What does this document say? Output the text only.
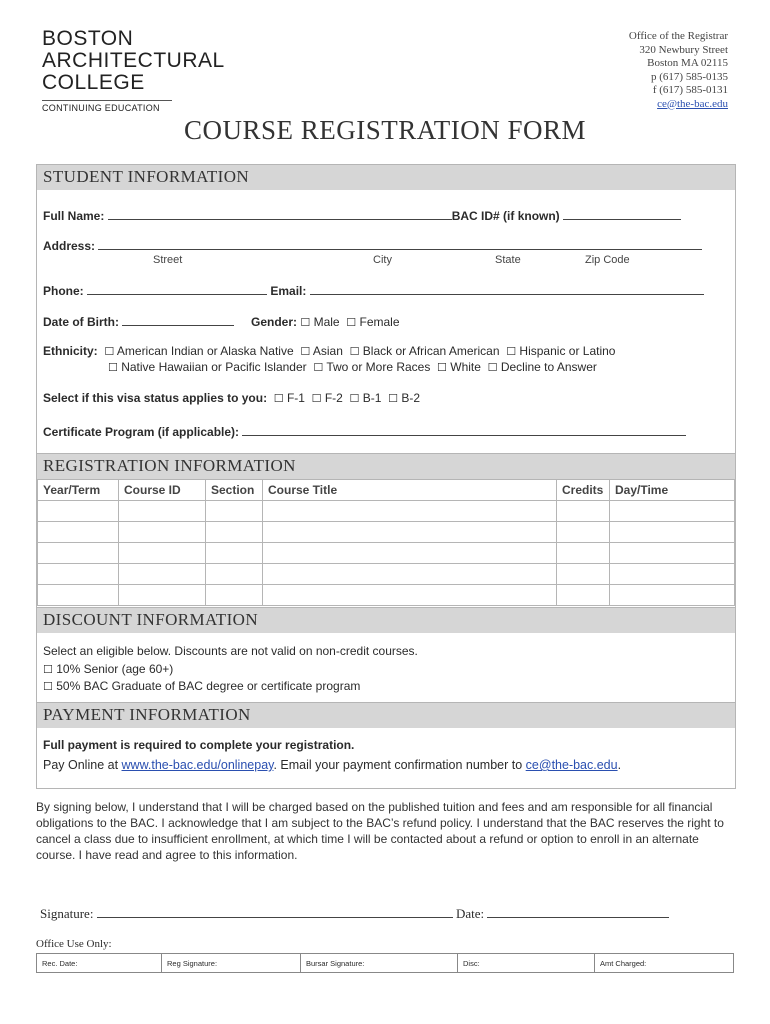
BOSTON
ARCHITECTURAL
COLLEGE
CONTINUING EDUCATION
Office of the Registrar
320 Newbury Street
Boston MA 02115
p (617) 585-0135
f (617) 585-0131
ce@the-bac.edu
COURSE REGISTRATION FORM
STUDENT INFORMATION
Full Name:	BAC ID# (if known)
Address:
Street	City	State	Zip Code
Phone:	Email:
Date of Birth:	Gender: ☐ Male ☐ Female
Ethnicity: ☐ American Indian or Alaska Native ☐ Asian ☐ Black or African American ☐ Hispanic or Latino
☐ Native Hawaiian or Pacific Islander ☐ Two or More Races ☐ White ☐ Decline to Answer
Select if this visa status applies to you: ☐ F-1 ☐ F-2 ☐ B-1 ☐ B-2
Certificate Program (if applicable):
REGISTRATION INFORMATION
Year/Term	Course ID	Section	Course Title	Credits	Day/Time

DISCOUNT INFORMATION
Select an eligible below. Discounts are not valid on non-credit courses.
☐ 10% Senior (age 60+)
☐ 50% BAC Graduate of BAC degree or certificate program
PAYMENT INFORMATION
Full payment is required to complete your registration.
Pay Online at www.the-bac.edu/onlinepay. Email your payment confirmation number to ce@the-bac.edu.
By signing below, I understand that I will be charged based on the published tuition and fees and am responsible for all financial obligations to the BAC. I acknowledge that I am subject to the BAC’s refund policy. I understand that the BAC reserves the right to cancel a class due to insufficient enrollment, at which time I will be contacted about a refund or option to enroll in an alternate course. I have read and agree to this information.
Signature:	Date:
Office Use Only:
Rec. Date:	Reg Signature:	Bursar Signature:	Disc:	Amt Charged:
